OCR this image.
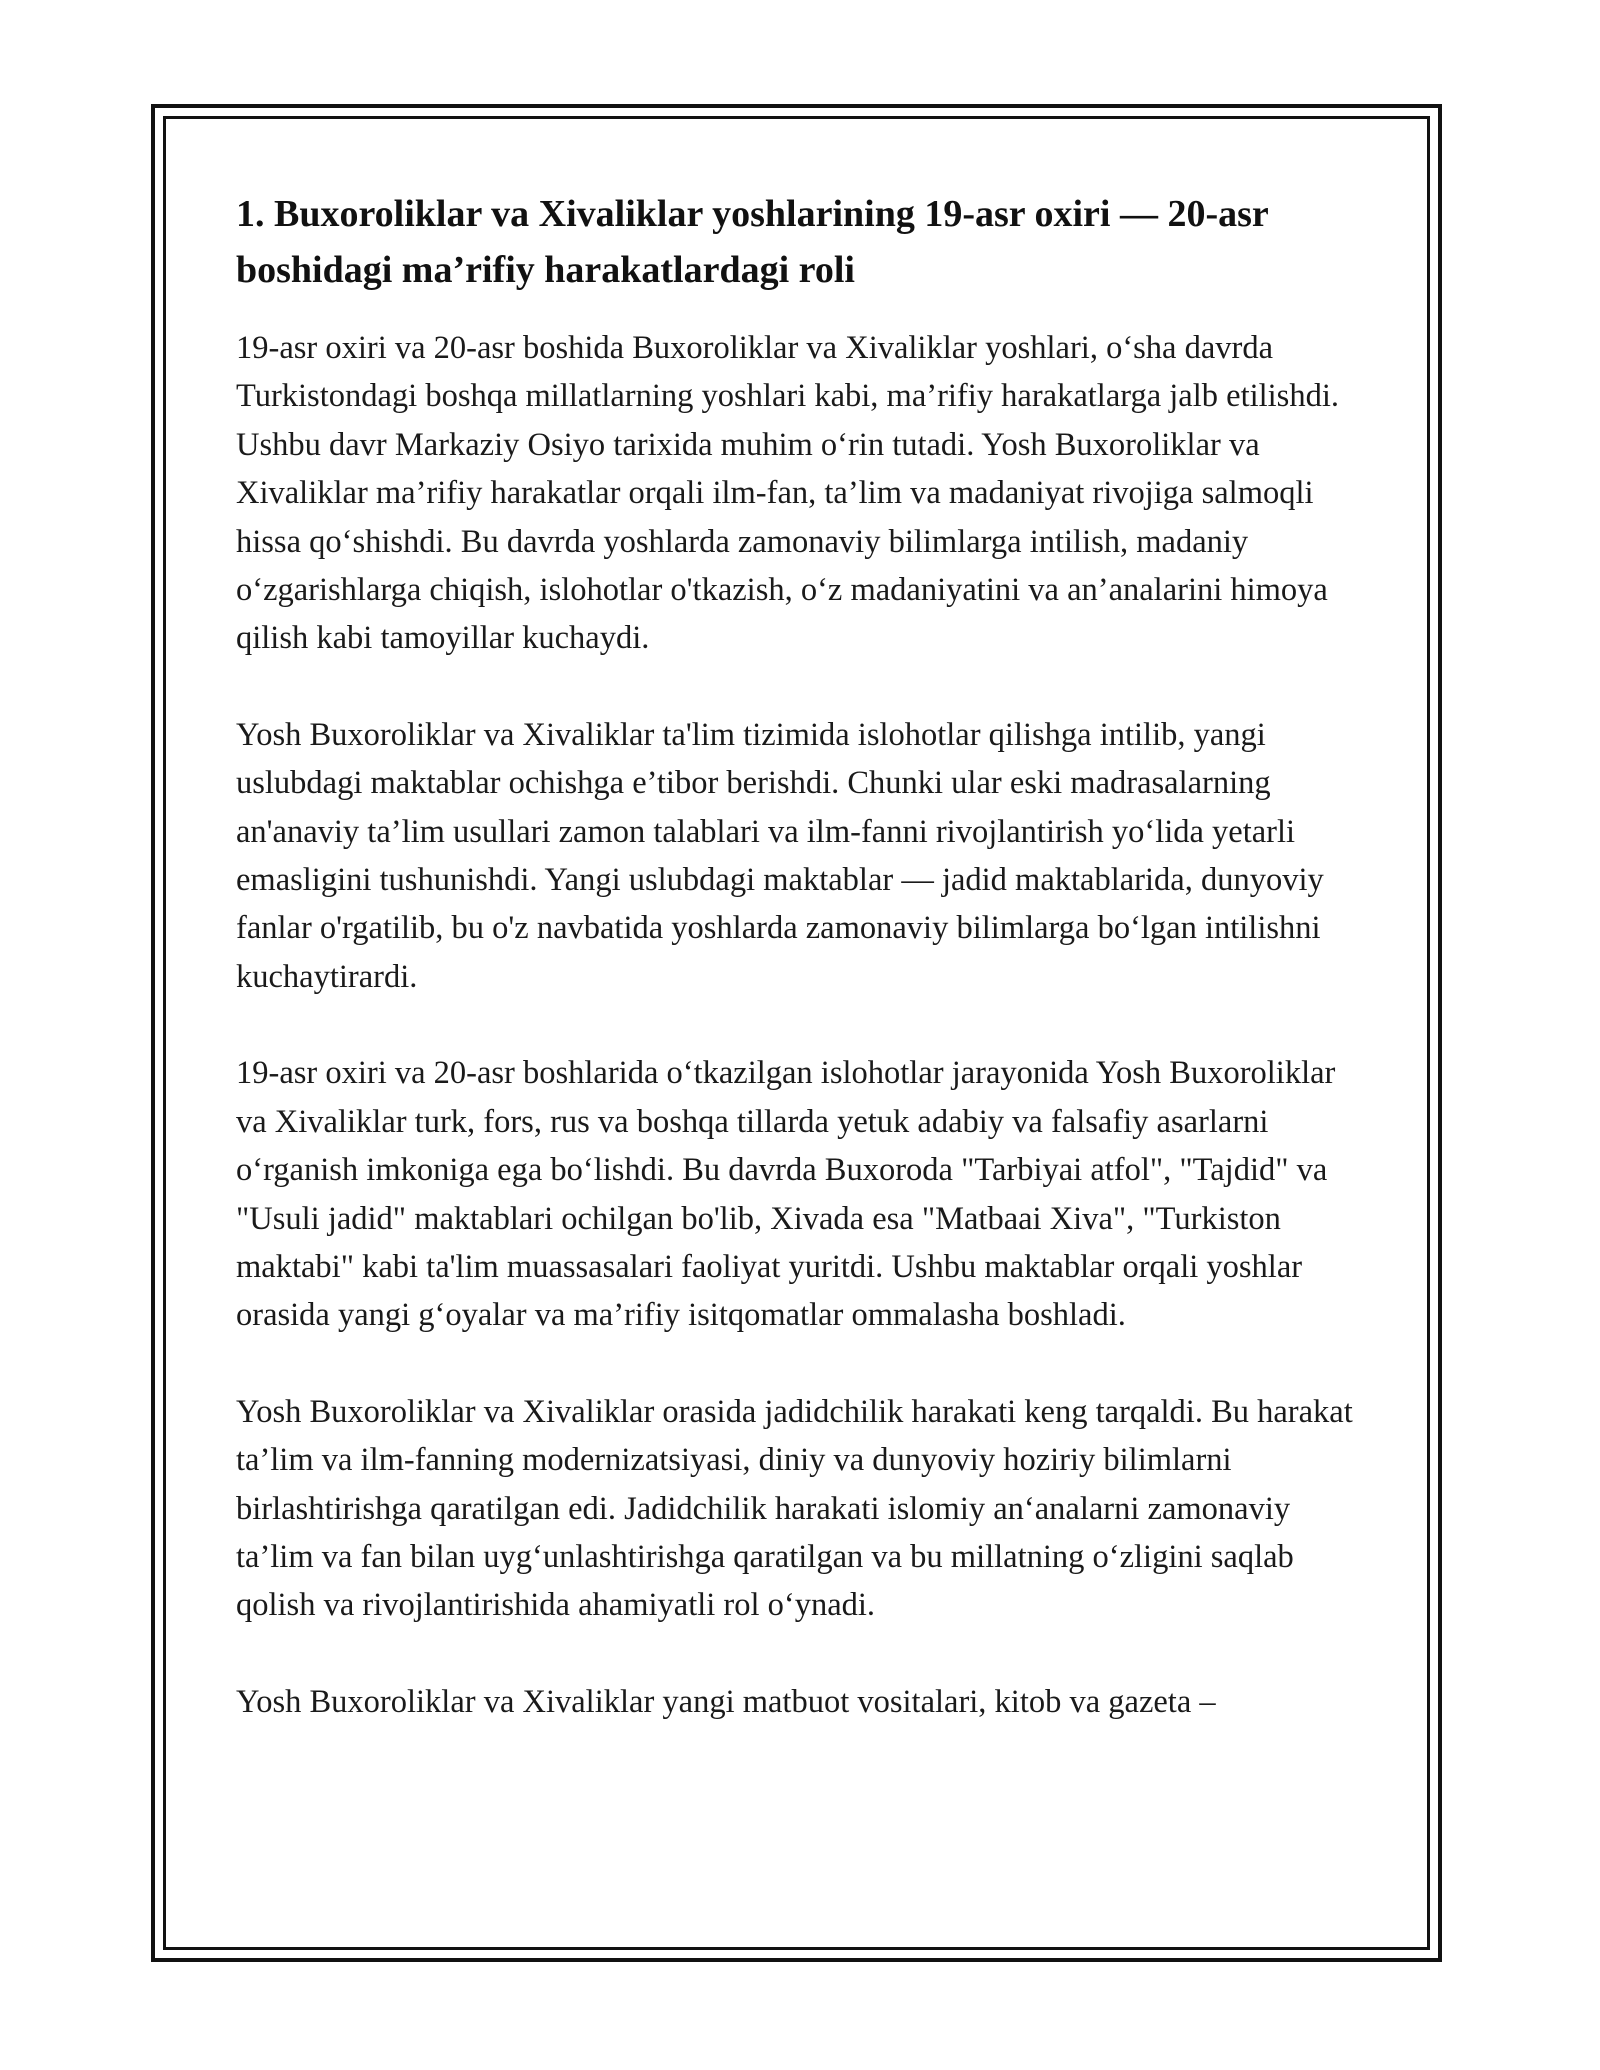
1. Buxoroliklar va Xivaliklar yoshlarining 19-asr oxiri — 20-asr boshidagi ma’rifiy harakatlardagi roli

19-asr oxiri va 20-asr boshida Buxoroliklar va Xivaliklar yoshlari, o‘sha davrda Turkistondagi boshqa millatlarning yoshlari kabi, ma’rifiy harakatlarga jalb etilishdi. Ushbu davr Markaziy Osiyo tarixida muhim o‘rin tutadi. Yosh Buxoroliklar va Xivaliklar ma’rifiy harakatlar orqali ilm-fan, ta’lim va madaniyat rivojiga salmoqli hissa qo‘shishdi. Bu davrda yoshlarda zamonaviy bilimlarga intilish, madaniy o‘zgarishlarga chiqish, islohotlar o'tkazish, o‘z madaniyatini va an’analarini himoya qilish kabi tamoyillar kuchaydi.

Yosh Buxoroliklar va Xivaliklar ta'lim tizimida islohotlar qilishga intilib, yangi uslubdagi maktablar ochishga e’tibor berishdi. Chunki ular eski madrasalarning an'anaviy ta’lim usullari zamon talablari va ilm-fanni rivojlantirish yo‘lida yetarli emasligini tushunishdi. Yangi uslubdagi maktablar — jadid maktablarida, dunyoviy fanlar o'rgatilib, bu o'z navbatida yoshlarda zamonaviy bilimlarga bo‘lgan intilishni kuchaytirardi.

19-asr oxiri va 20-asr boshlarida o‘tkazilgan islohotlar jarayonida Yosh Buxoroliklar va Xivaliklar turk, fors, rus va boshqa tillarda yetuk adabiy va falsafiy asarlarni o‘rganish imkoniga ega bo‘lishdi. Bu davrda Buxoroda "Tarbiyai atfol", "Tajdid" va "Usuli jadid" maktablari ochilgan bo'lib, Xivada esa "Matbaai Xiva", "Turkiston maktabi" kabi ta'lim muassasalari faoliyat yuritdi. Ushbu maktablar orqali yoshlar orasida yangi g‘oyalar va ma’rifiy isitqomatlar ommalasha boshladi.

Yosh Buxoroliklar va Xivaliklar orasida jadidchilik harakati keng tarqaldi. Bu harakat ta’lim va ilm-fanning modernizatsiyasi, diniy va dunyoviy hoziriy bilimlarni birlashtirishga qaratilgan edi. Jadidchilik harakati islomiy an‘analarni zamonaviy ta’lim va fan bilan uyg‘unlashtirishga qaratilgan va bu millatning o‘zligini saqlab qolish va rivojlantirishida ahamiyatli rol o‘ynadi.

Yosh Buxoroliklar va Xivaliklar yangi matbuot vositalari, kitob va gazeta –
